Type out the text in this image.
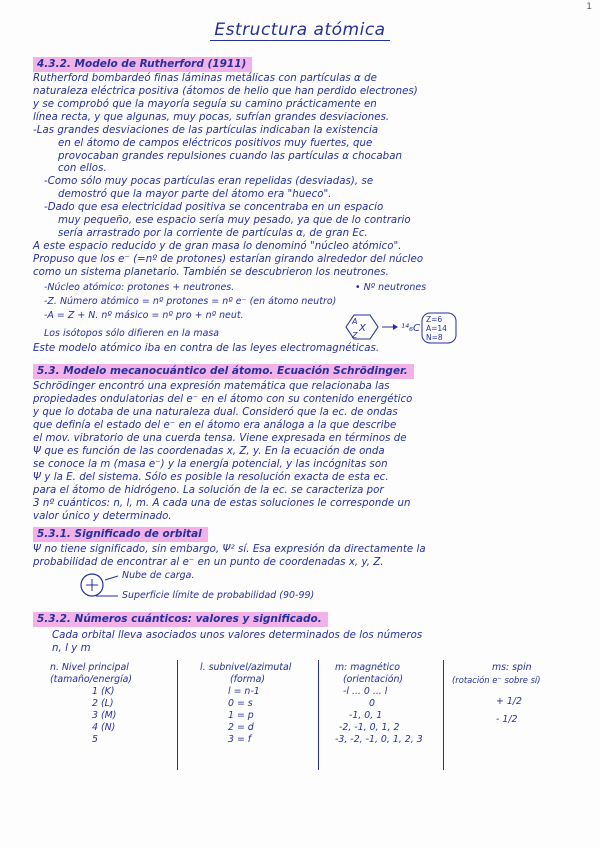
1
Estructura atómica
4.3.2. Modelo de Rutherford (1911)
Rutherford bombardeó finas láminas metálicas con partículas α de
naturaleza eléctrica positiva (átomos de helio que han perdido electrones)
y se comprobó que la mayoría seguía su camino prácticamente en
línea recta, y que algunas, muy pocas, sufrían grandes desviaciones.
-Las grandes desviaciones de las partículas indicaban la existencia
en el átomo de campos eléctricos positivos muy fuertes, que
provocaban grandes repulsiones cuando las partículas α chocaban
con ellos.
-Como sólo muy pocas partículas eran repelidas (desviadas), se
demostró que la mayor parte del átomo era "hueco".
-Dado que esa electricidad positiva se concentraba en un espacio
muy pequeño, ese espacio sería muy pesado, ya que de lo contrario
sería arrastrado por la corriente de partículas α, de gran Ec.
A este espacio reducido y de gran masa lo denominó "núcleo atómico".
Propuso que los e⁻ (=nº de protones) estarían girando alrededor del núcleo
como un sistema planetario. También se descubrieron los neutrones.
-Núcleo atómico: protones + neutrones.	• Nº neutrones
-Z. Número atómico = nº protones = nº e⁻ (en átomo neutro)
-A = Z + N. nº másico = nº pro + nº neut.
Los isótopos sólo difieren en la masa
A
X
Z
¹⁴₆C
Z=6
A=14
N=8
Este modelo atómico iba en contra de las leyes electromagnéticas.
5.3. Modelo mecanocuántico del átomo. Ecuación Schrödinger.
Schrödinger encontró una expresión matemática que relacionaba las
propiedades ondulatorias del e⁻ en el átomo con su contenido energético
y que lo dotaba de una naturaleza dual. Consideró que la ec. de ondas
que definía el estado del e⁻ en el átomo era análoga a la que describe
el mov. vibratorio de una cuerda tensa. Viene expresada en términos de
Ψ que es función de las coordenadas x, Z, y. En la ecuación de onda
se conoce la m (masa e⁻) y la energía potencial, y las incógnitas son
Ψ y la E. del sistema. Sólo es posible la resolución exacta de esta ec.
para el átomo de hidrógeno. La solución de la ec. se caracteriza por
3 nº cuánticos: n, l, m. A cada una de estas soluciones le corresponde un
valor único y determinado.
5.3.1. Significado de orbital
Ψ no tiene significado, sin embargo, Ψ² sí. Esa expresión da directamente la
probabilidad de encontrar al e⁻ en un punto de coordenadas x, y, Z.
Nube de carga.
Superficie límite de probabilidad (90-99)
5.3.2. Números cuánticos: valores y significado.
Cada orbital lleva asociados unos valores determinados de los números
n, l y m
n. Nivel principal
(tamaño/energía)
1 (K)
2 (L)
3 (M)
4 (N)
5
l. subnivel/azimutal
(forma)
l = n-1
0 = s
1 = p
2 = d
3 = f
m: magnético
(orientación)
-l ... 0 ... l
0
-1, 0, 1
-2, -1, 0, 1, 2
-3, -2, -1, 0, 1, 2, 3
ms: spin
(rotación e⁻ sobre sí)
+ 1/2
- 1/2
